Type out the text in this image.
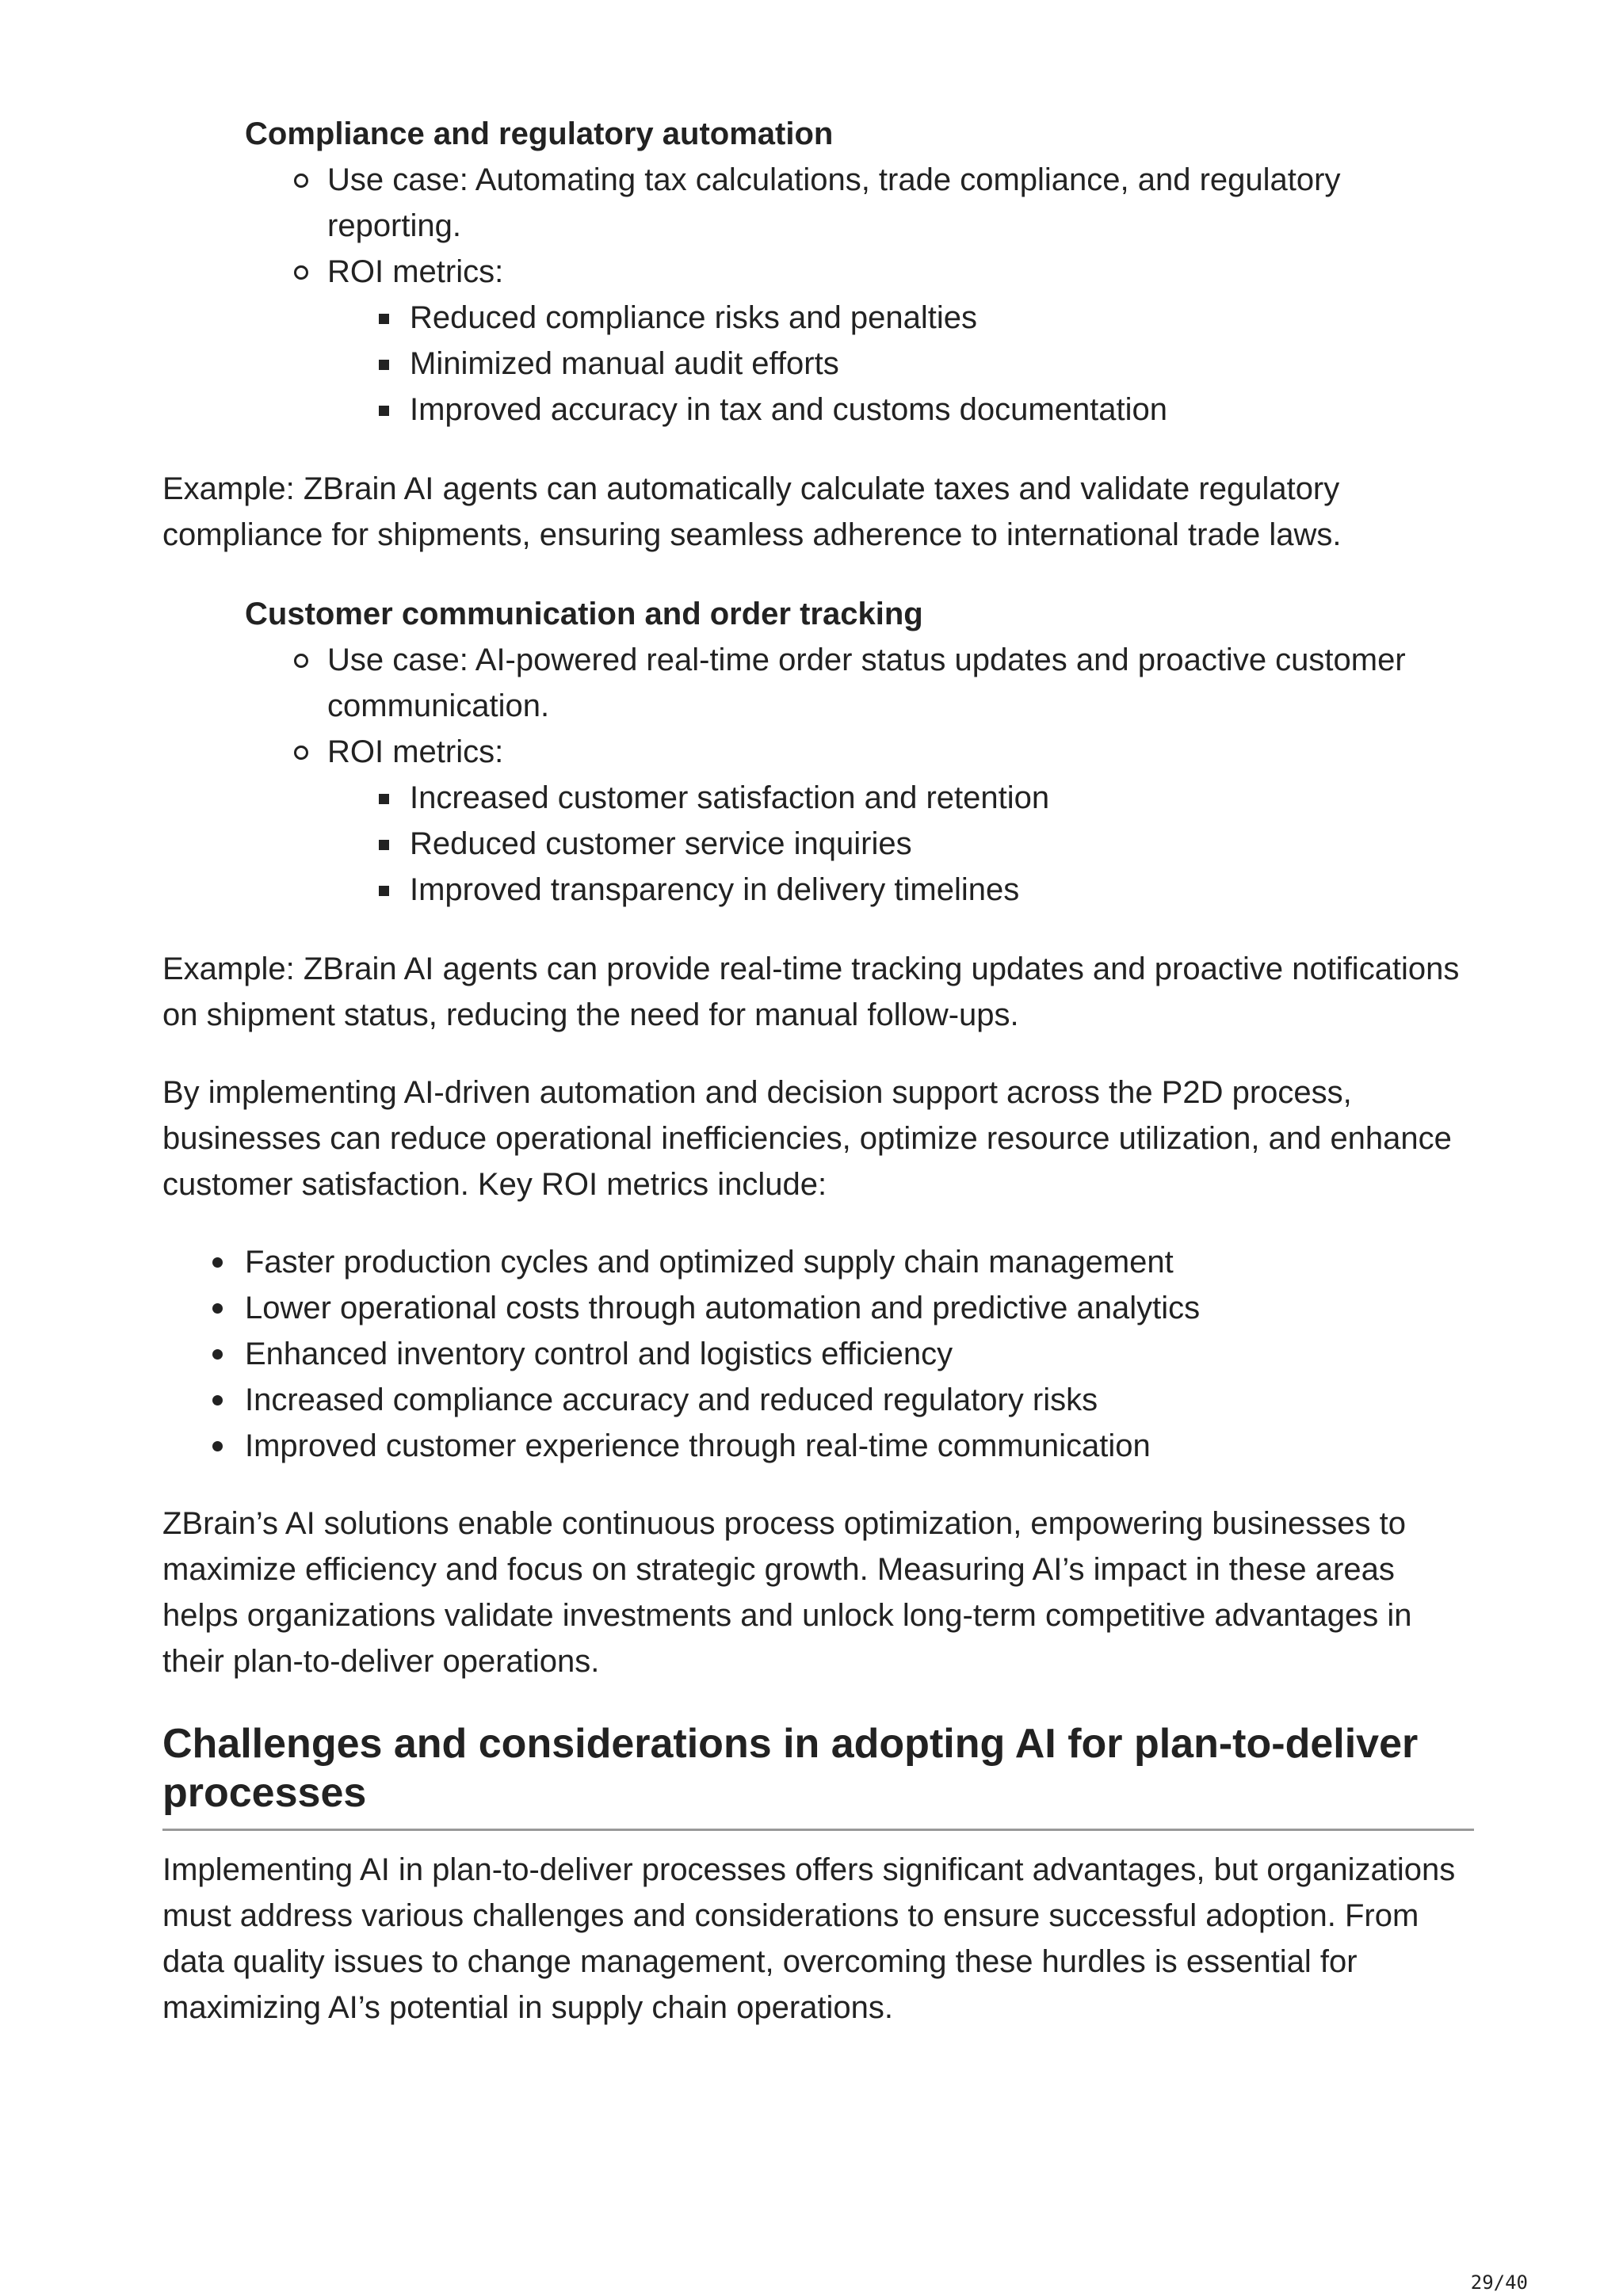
Compliance and regulatory automation
Use case: Automating tax calculations, trade compliance, and regulatory reporting.
ROI metrics:
Reduced compliance risks and penalties
Minimized manual audit efforts
Improved accuracy in tax and customs documentation

Example: ZBrain AI agents can automatically calculate taxes and validate regulatory compliance for shipments, ensuring seamless adherence to international trade laws.

Customer communication and order tracking
Use case: AI-powered real-time order status updates and proactive customer communication.
ROI metrics:
Increased customer satisfaction and retention
Reduced customer service inquiries
Improved transparency in delivery timelines

Example: ZBrain AI agents can provide real-time tracking updates and proactive notifications on shipment status, reducing the need for manual follow-ups.

By implementing AI-driven automation and decision support across the P2D process, businesses can reduce operational inefficiencies, optimize resource utilization, and enhance customer satisfaction. Key ROI metrics include:

Faster production cycles and optimized supply chain management
Lower operational costs through automation and predictive analytics
Enhanced inventory control and logistics efficiency
Increased compliance accuracy and reduced regulatory risks
Improved customer experience through real-time communication

ZBrain’s AI solutions enable continuous process optimization, empowering businesses to maximize efficiency and focus on strategic growth. Measuring AI’s impact in these areas helps organizations validate investments and unlock long-term competitive advantages in their plan-to-deliver operations.

Challenges and considerations in adopting AI for plan-to-deliver processes

Implementing AI in plan-to-deliver processes offers significant advantages, but organizations must address various challenges and considerations to ensure successful adoption. From data quality issues to change management, overcoming these hurdles is essential for maximizing AI’s potential in supply chain operations.

29/40
